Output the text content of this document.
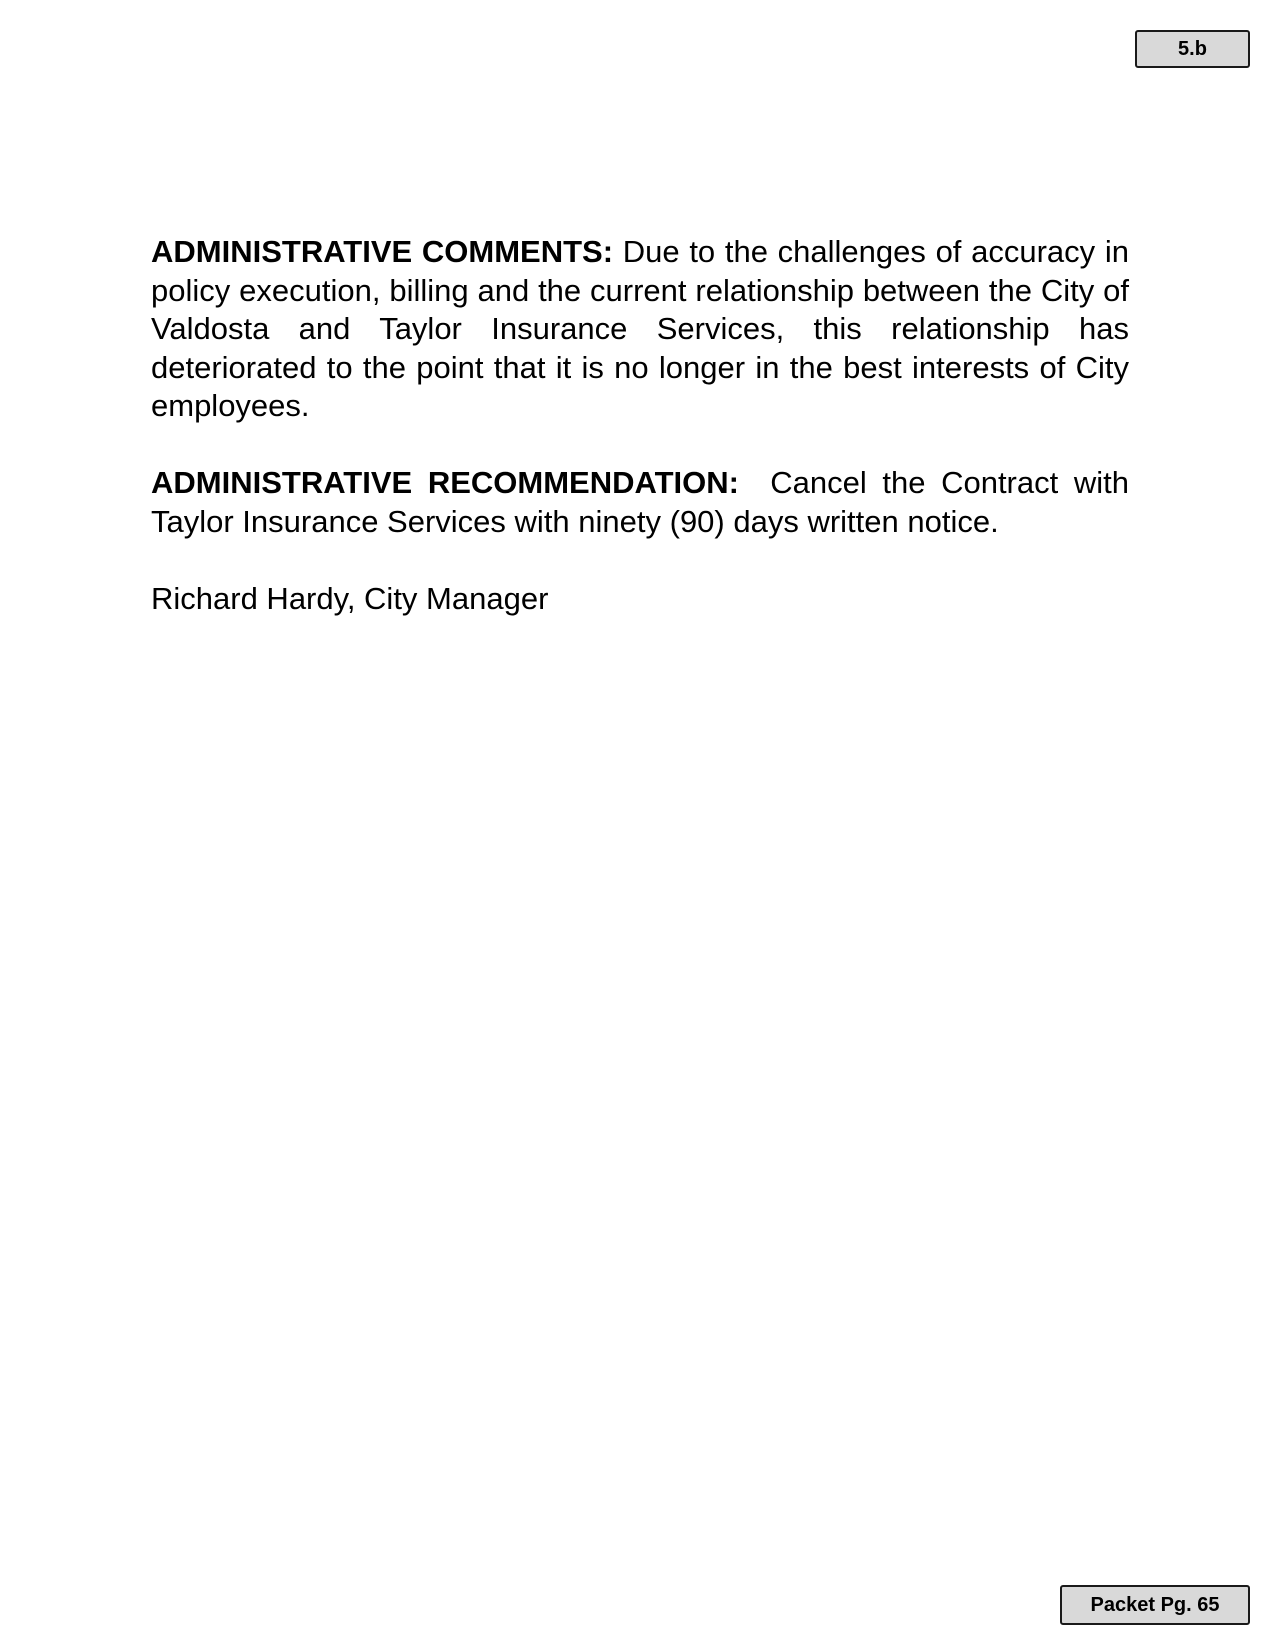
5.b

ADMINISTRATIVE COMMENTS: Due to the challenges of accuracy in policy execution, billing and the current relationship between the City of Valdosta and Taylor Insurance Services, this relationship has deteriorated to the point that it is no longer in the best interests of City employees.

ADMINISTRATIVE RECOMMENDATION: Cancel the Contract with Taylor Insurance Services with ninety (90) days written notice.

Richard Hardy, City Manager

Packet Pg. 65
